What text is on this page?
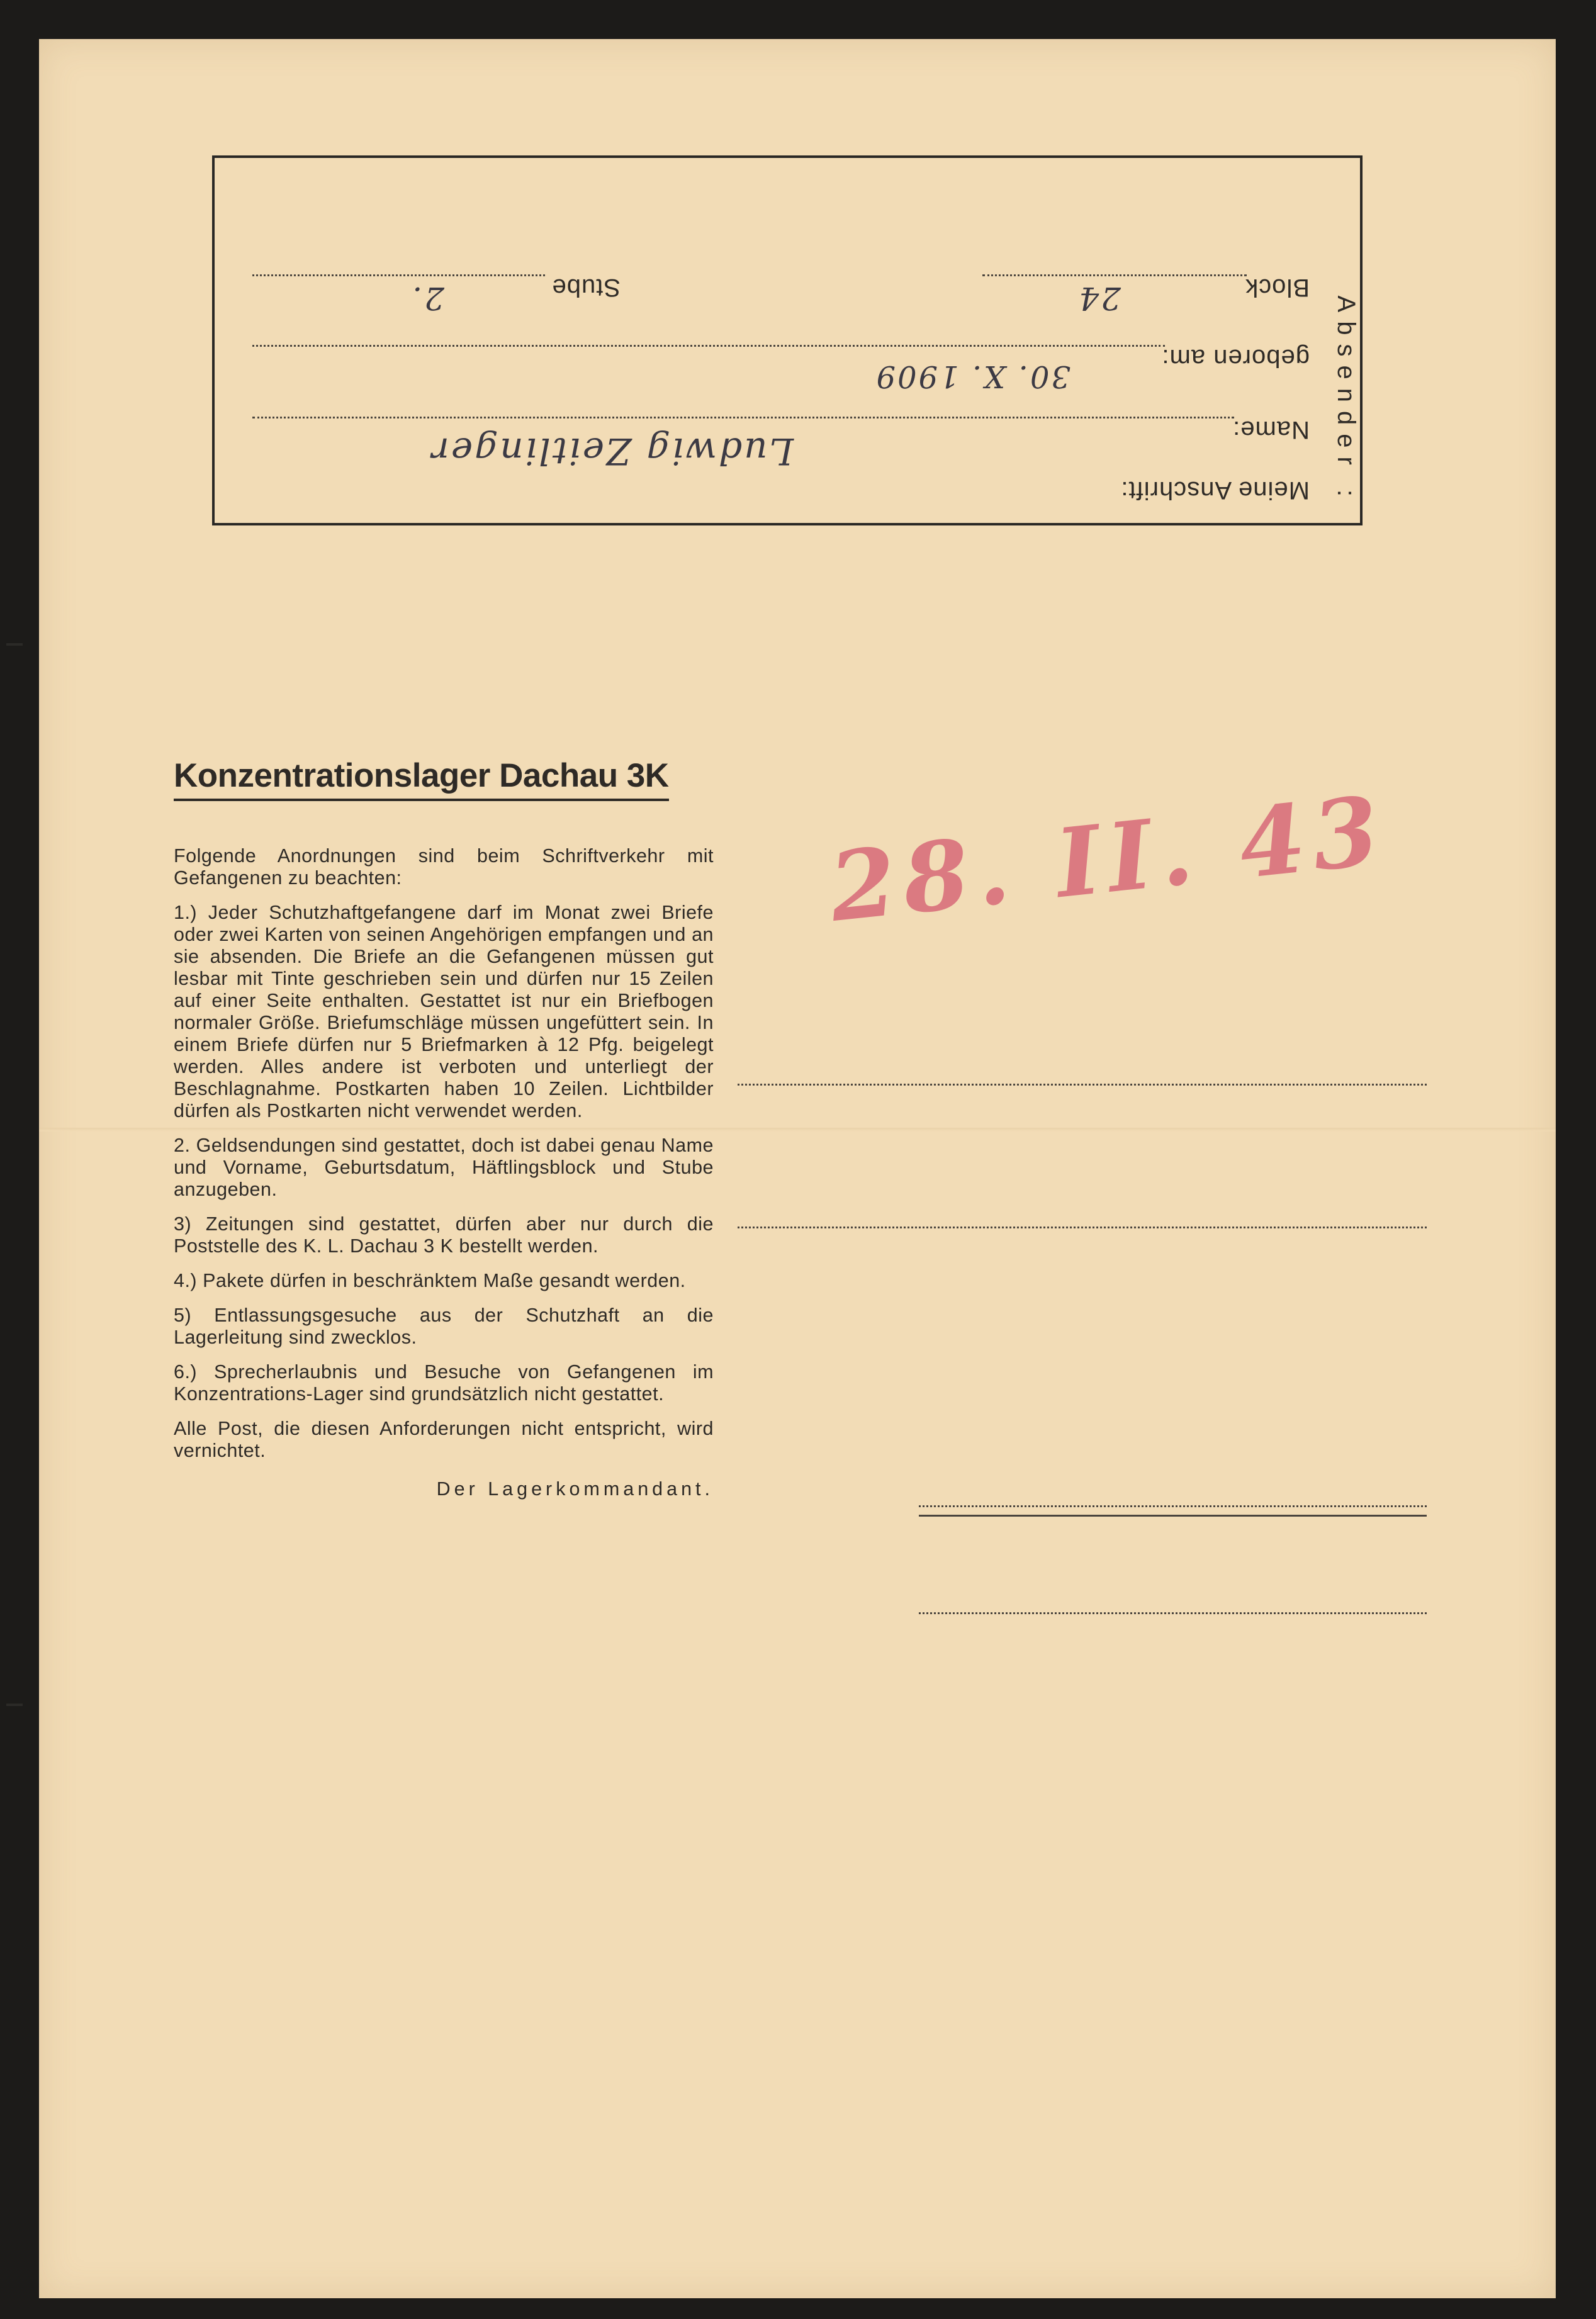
Absender :
Meine Anschrift:
Name:
Ludwig Zeitlinger
geboren am:
30. X. 1909
Block
24
Stube
2.
Konzentrationslager Dachau 3K

Folgende Anordnungen sind beim Schriftverkehr mit Gefangenen zu beachten:

1.) Jeder Schutzhaftgefangene darf im Monat zwei Briefe oder zwei Karten von seinen Angehörigen empfangen und an sie absenden. Die Briefe an die Gefangenen müssen gut lesbar mit Tinte geschrieben sein und dürfen nur 15 Zeilen auf einer Seite enthalten. Gestattet ist nur ein Briefbogen normaler Größe. Briefumschläge müssen ungefüttert sein. In einem Briefe dürfen nur 5 Briefmarken à 12 Pfg. beigelegt werden. Alles andere ist verboten und unterliegt der Beschlagnahme. Postkarten haben 10 Zeilen. Lichtbilder dürfen als Postkarten nicht verwendet werden.

2. Geldsendungen sind gestattet, doch ist dabei genau Name und Vorname, Geburtsdatum, Häftlingsblock und Stube anzugeben.

3) Zeitungen sind gestattet, dürfen aber nur durch die Poststelle des K. L. Dachau 3 K bestellt werden.

4.) Pakete dürfen in beschränktem Maße gesandt werden.

5) Entlassungsgesuche aus der Schutzhaft an die Lagerleitung sind zwecklos.

6.) Sprecherlaubnis und Besuche von Gefangenen im Konzentrations-Lager sind grundsätzlich nicht gestattet.

Alle Post, die diesen Anforderungen nicht entspricht, wird vernichtet.

Der Lagerkommandant.

28. II. 43
